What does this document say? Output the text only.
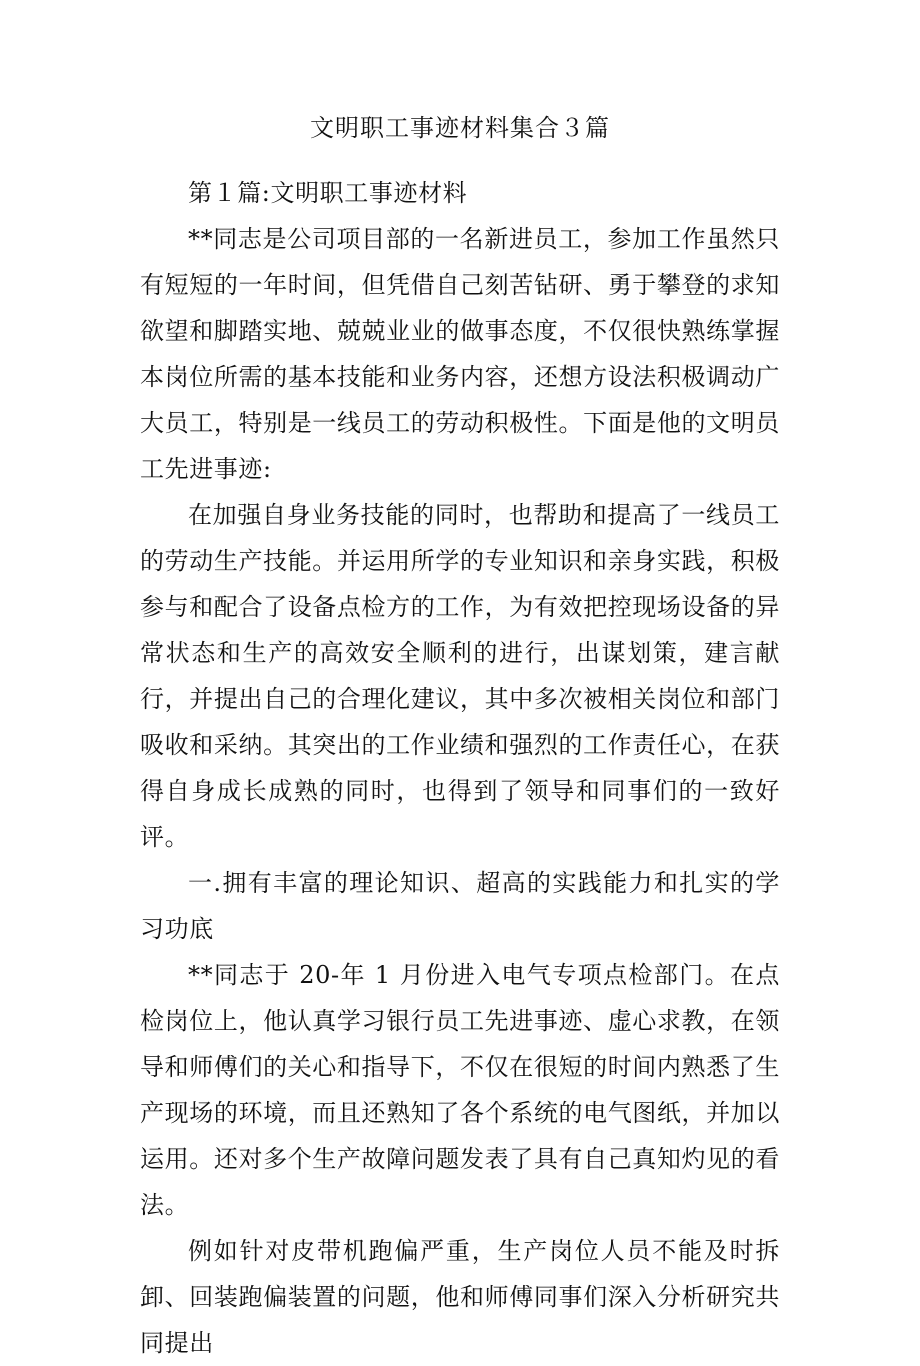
文明职工事迹材料集合３篇
第１篇:文明职工事迹材料

**同志是公司项目部的一名新进员工，参加工作虽然只有短短的一年时间，但凭借自己刻苦钻研、勇于攀登的求知欲望和脚踏实地、兢兢业业的做事态度，不仅很快熟练掌握本岗位所需的基本技能和业务内容，还想方设法积极调动广大员工，特别是一线员工的劳动积极性。下面是他的文明员工先进事迹:

在加强自身业务技能的同时，也帮助和提高了一线员工的劳动生产技能。并运用所学的专业知识和亲身实践，积极参与和配合了设备点检方的工作，为有效把控现场设备的异常状态和生产的高效安全顺利的进行，出谋划策，建言献行，并提出自己的合理化建议，其中多次被相关岗位和部门吸收和采纳。其突出的工作业绩和强烈的工作责任心，在获得自身成长成熟的同时，也得到了领导和同事们的一致好评。

一.拥有丰富的理论知识、超高的实践能力和扎实的学习功底

**同志于 20-年 1 月份进入电气专项点检部门。在点检岗位上，他认真学习银行员工先进事迹、虚心求教，在领导和师傅们的关心和指导下，不仅在很短的时间内熟悉了生产现场的环境，而且还熟知了各个系统的电气图纸，并加以运用。还对多个生产故障问题发表了具有自己真知灼见的看法。

例如针对皮带机跑偏严重，生产岗位人员不能及时拆卸、回装跑偏装置的问题，他和师傅同事们深入分析研究共同提出
